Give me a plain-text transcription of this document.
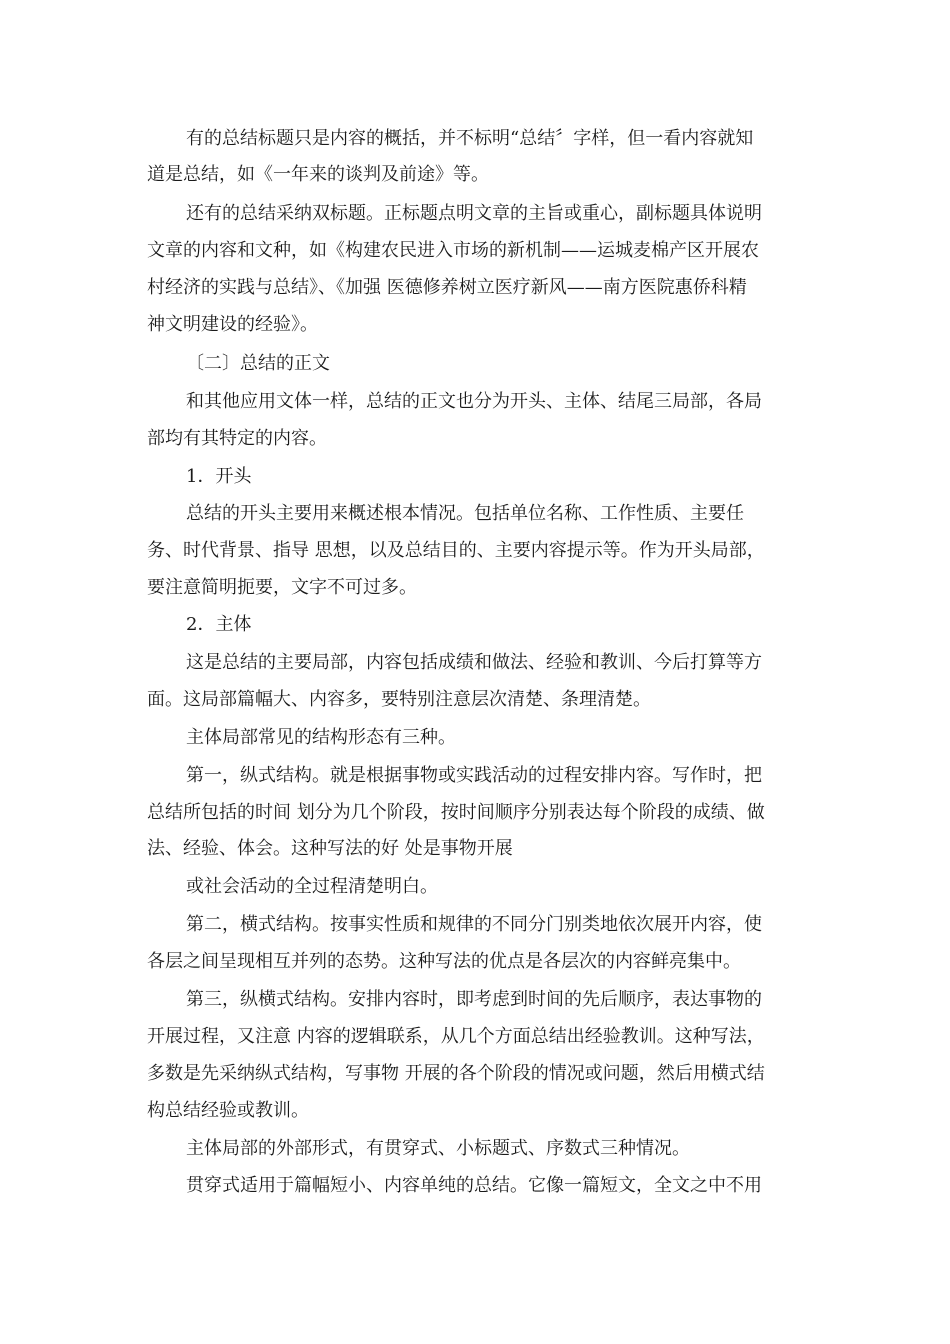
有的总结标题只是内容的概括，并不标明“总结〞字样，但一看内容就知
道是总结，如《一年来的谈判及前途》等。
还有的总结采纳双标题。正标题点明文章的主旨或重心，副标题具体说明
文章的内容和文种，如《构建农民进入市场的新机制——运城麦棉产区开展农
村经济的实践与总结》、《加强 医德修养树立医疗新风——南方医院惠侨科精
神文明建设的经验》。
〔二〕总结的正文
和其他应用文体一样，总结的正文也分为开头、主体、结尾三局部，各局
部均有其特定的内容。
1．开头
总结的开头主要用来概述根本情况。包括单位名称、工作性质、主要任
务、时代背景、指导 思想，以及总结目的、主要内容提示等。作为开头局部，
要注意简明扼要，文字不可过多。
2．主体
这是总结的主要局部，内容包括成绩和做法、经验和教训、今后打算等方
面。这局部篇幅大、内容多，要特别注意层次清楚、条理清楚。
主体局部常见的结构形态有三种。
第一，纵式结构。就是根据事物或实践活动的过程安排内容。写作时，把
总结所包括的时间 划分为几个阶段，按时间顺序分别表达每个阶段的成绩、做
法、经验、体会。这种写法的好 处是事物开展
或社会活动的全过程清楚明白。
第二，横式结构。按事实性质和规律的不同分门别类地依次展开内容，使
各层之间呈现相互并列的态势。这种写法的优点是各层次的内容鲜亮集中。
第三，纵横式结构。安排内容时，即考虑到时间的先后顺序，表达事物的
开展过程，又注意 内容的逻辑联系，从几个方面总结出经验教训。这种写法，
多数是先采纳纵式结构，写事物 开展的各个阶段的情况或问题，然后用横式结
构总结经验或教训。
主体局部的外部形式，有贯穿式、小标题式、序数式三种情况。
贯穿式适用于篇幅短小、内容单纯的总结。它像一篇短文，全文之中不用
